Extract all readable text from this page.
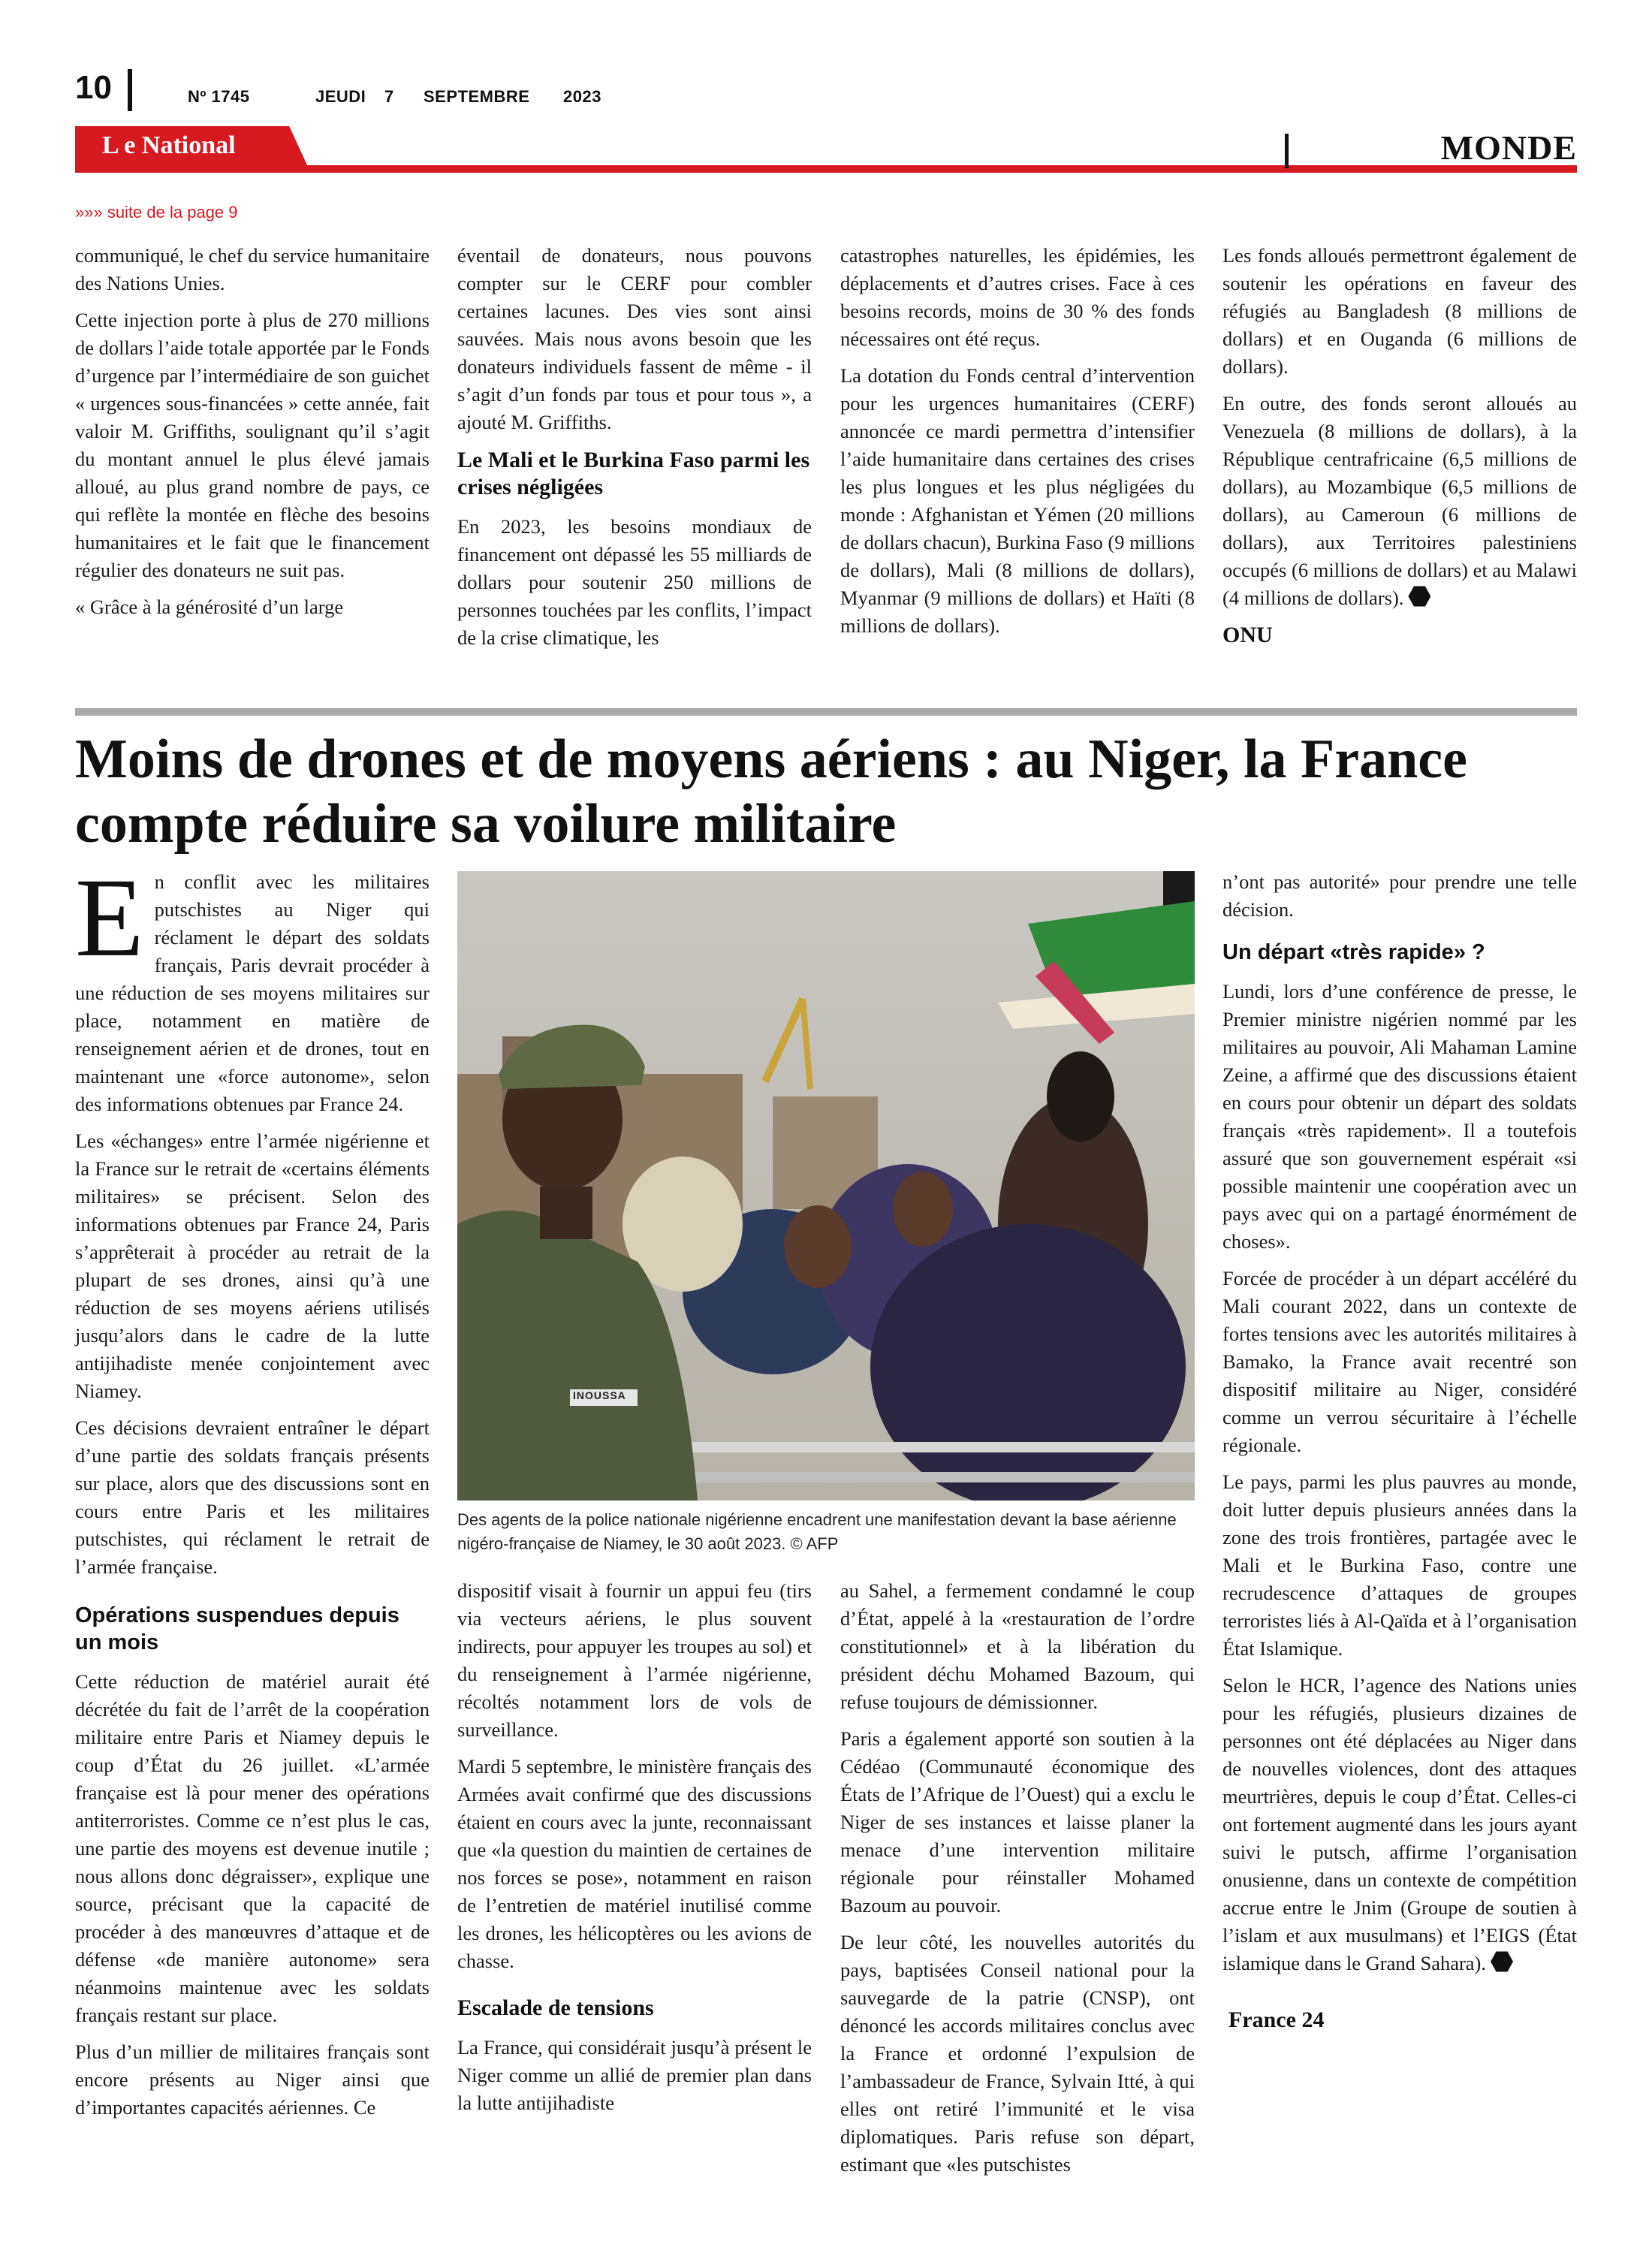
10	Nº 1745	JEUDI 7 SEPTEMBRE 2023
L e National	MONDE
»»» suite de la page 9

communiqué, le chef du service humanitaire des Nations Unies.

Cette injection porte à plus de 270 millions de dollars l’aide totale apportée par le Fonds d’urgence par l’intermédiaire de son guichet « urgences sous-financées » cette année, fait valoir M. Griffiths, soulignant qu’il s’agit du montant annuel le plus élevé jamais alloué, au plus grand nombre de pays, ce qui reflète la montée en flèche des besoins humanitaires et le fait que le financement régulier des donateurs ne suit pas.

« Grâce à la générosité d’un large

éventail de donateurs, nous pouvons compter sur le CERF pour combler certaines lacunes. Des vies sont ainsi sauvées. Mais nous avons besoin que les donateurs individuels fassent de même - il s’agit d’un fonds par tous et pour tous », a ajouté M. Griffiths.

Le Mali et le Burkina Faso parmi les crises négligées

En 2023, les besoins mondiaux de financement ont dépassé les 55 milliards de dollars pour soutenir 250 millions de personnes touchées par les conflits, l’impact de la crise climatique, les

catastrophes naturelles, les épidémies, les déplacements et d’autres crises. Face à ces besoins records, moins de 30 % des fonds nécessaires ont été reçus.

La dotation du Fonds central d’intervention pour les urgences humanitaires (CERF) annoncée ce mardi permettra d’intensifier l’aide humanitaire dans certaines des crises les plus longues et les plus négligées du monde : Afghanistan et Yémen (20 millions de dollars chacun), Burkina Faso (9 millions de dollars), Mali (8 millions de dollars), Myanmar (9 millions de dollars) et Haïti (8 millions de dollars).

Les fonds alloués permettront également de soutenir les opérations en faveur des réfugiés au Bangladesh (8 millions de dollars) et en Ouganda (6 millions de dollars).

En outre, des fonds seront alloués au Venezuela (8 millions de dollars), à la République centrafricaine (6,5 millions de dollars), au Mozambique (6,5 millions de dollars), au Cameroun (6 millions de dollars), aux Territoires palestiniens occupés (6 millions de dollars) et au Malawi (4 millions de dollars).

ONU
Moins de drones et de moyens aériens : au Niger, la France compte réduire sa voilure militaire

En conflit avec les militaires putschistes au Niger qui réclament le départ des soldats français, Paris devrait procéder à une réduction de ses moyens militaires sur place, notamment en matière de renseignement aérien et de drones, tout en maintenant une «force autonome», selon des informations obtenues par France 24.

Les «échanges» entre l’armée nigérienne et la France sur le retrait de «certains éléments militaires» se précisent. Selon des informations obtenues par France 24, Paris s’apprêterait à procéder au retrait de la plupart de ses drones, ainsi qu’à une réduction de ses moyens aériens utilisés jusqu’alors dans le cadre de la lutte antijihadiste menée conjointement avec Niamey.

Ces décisions devraient entraîner le départ d’une partie des soldats français présents sur place, alors que des discussions sont en cours entre Paris et les militaires putschistes, qui réclament le retrait de l’armée française.

Opérations suspendues depuis un mois

Cette réduction de matériel aurait été décrétée du fait de l’arrêt de la coopération militaire entre Paris et Niamey depuis le coup d’État du 26 juillet. «L’armée française est là pour mener des opérations antiterroristes. Comme ce n’est plus le cas, une partie des moyens est devenue inutile ; nous allons donc dégraisser», explique une source, précisant que la capacité de procéder à des manœuvres d’attaque et de défense «de manière autonome» sera néanmoins maintenue avec les soldats français restant sur place.

Plus d’un millier de militaires français sont encore présents au Niger ainsi que d’importantes capacités aériennes. Ce

INOUSSA
Des agents de la police nationale nigérienne encadrent une manifestation devant la base aérienne nigéro-française de Niamey, le 30 août 2023. © AFP

dispositif visait à fournir un appui feu (tirs via vecteurs aériens, le plus souvent indirects, pour appuyer les troupes au sol) et du renseignement à l’armée nigérienne, récoltés notamment lors de vols de surveillance.

Mardi 5 septembre, le ministère français des Armées avait confirmé que des discussions étaient en cours avec la junte, reconnaissant que «la question du maintien de certaines de nos forces se pose», notamment en raison de l’entretien de matériel inutilisé comme les drones, les hélicoptères ou les avions de chasse.

Escalade de tensions

La France, qui considérait jusqu’à présent le Niger comme un allié de premier plan dans la lutte antijihadiste

au Sahel, a fermement condamné le coup d’État, appelé à la «restauration de l’ordre constitutionnel» et à la libération du président déchu Mohamed Bazoum, qui refuse toujours de démissionner.

Paris a également apporté son soutien à la Cédéao (Communauté économique des États de l’Afrique de l’Ouest) qui a exclu le Niger de ses instances et laisse planer la menace d’une intervention militaire régionale pour réinstaller Mohamed Bazoum au pouvoir.

De leur côté, les nouvelles autorités du pays, baptisées Conseil national pour la sauvegarde de la patrie (CNSP), ont dénoncé les accords militaires conclus avec la France et ordonné l’expulsion de l’ambassadeur de France, Sylvain Itté, à qui elles ont retiré l’immunité et le visa diplomatiques. Paris refuse son départ, estimant que «les putschistes

n’ont pas autorité» pour prendre une telle décision.

Un départ «très rapide» ?

Lundi, lors d’une conférence de presse, le Premier ministre nigérien nommé par les militaires au pouvoir, Ali Mahaman Lamine Zeine, a affirmé que des discussions étaient en cours pour obtenir un départ des soldats français «très rapidement». Il a toutefois assuré que son gouvernement espérait «si possible maintenir une coopération avec un pays avec qui on a partagé énormément de choses».

Forcée de procéder à un départ accéléré du Mali courant 2022, dans un contexte de fortes tensions avec les autorités militaires à Bamako, la France avait recentré son dispositif militaire au Niger, considéré comme un verrou sécuritaire à l’échelle régionale.

Le pays, parmi les plus pauvres au monde, doit lutter depuis plusieurs années dans la zone des trois frontières, partagée avec le Mali et le Burkina Faso, contre une recrudescence d’attaques de groupes terroristes liés à Al-Qaïda et à l’organisation État Islamique.

Selon le HCR, l’agence des Nations unies pour les réfugiés, plusieurs dizaines de personnes ont été déplacées au Niger dans de nouvelles violences, dont des attaques meurtrières, depuis le coup d’État. Celles-ci ont fortement augmenté dans les jours ayant suivi le putsch, affirme l’organisation onusienne, dans un contexte de compétition accrue entre le Jnim (Groupe de soutien à l’islam et aux musulmans) et l’EIGS (État islamique dans le Grand Sahara).

France 24
